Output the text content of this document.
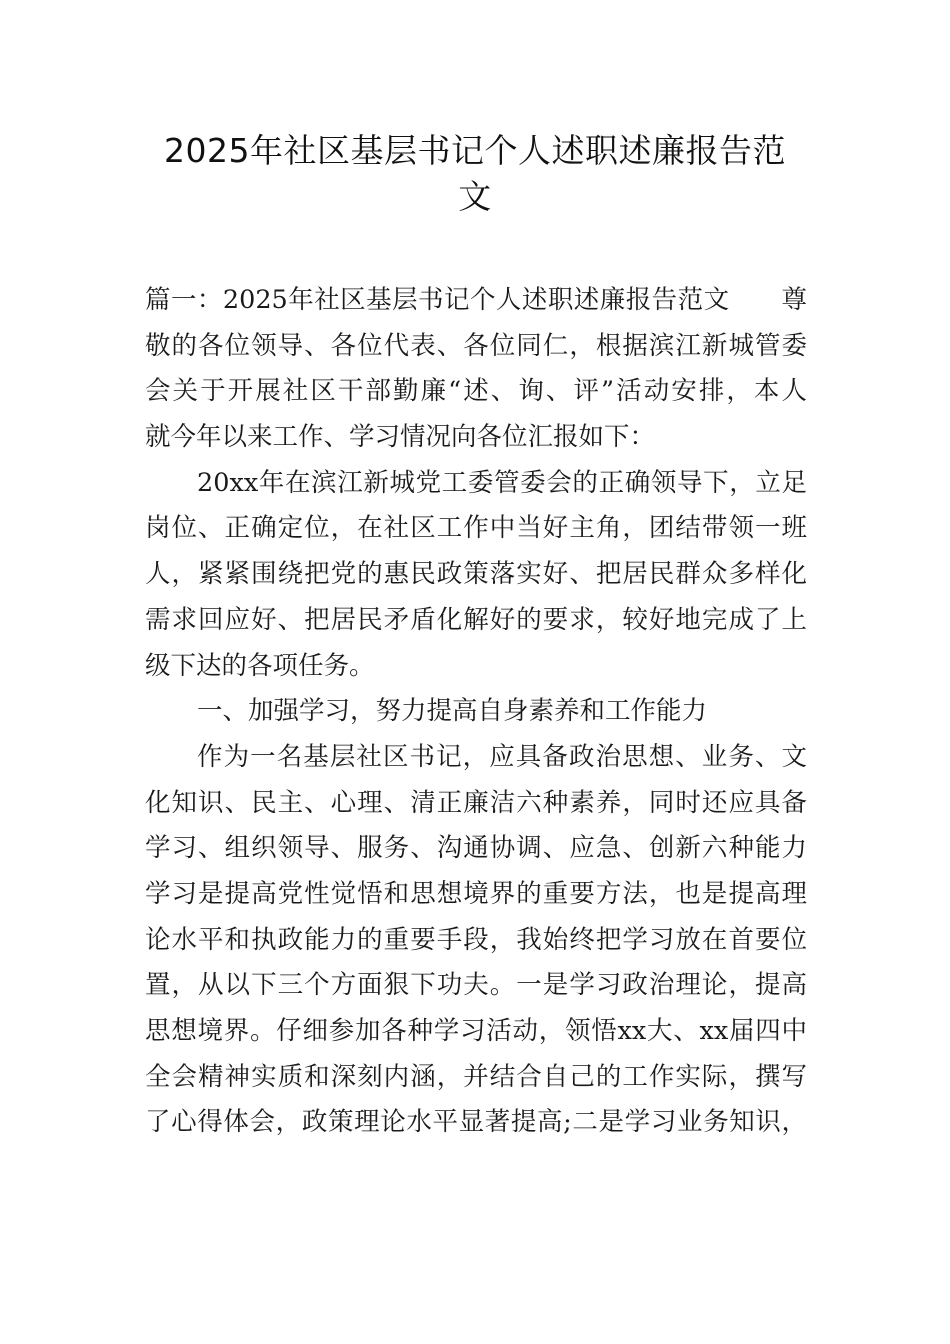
2025年社区基层书记个人述职述廉报告范
文
篇一：2025年社区基层书记个人述职述廉报告范文　　尊
敬的各位领导、各位代表、各位同仁，根据滨江新城管委
会关于开展社区干部勤廉“述、询、评”活动安排，本人
就今年以来工作、学习情况向各位汇报如下：
20xx年在滨江新城党工委管委会的正确领导下，立足
岗位、正确定位，在社区工作中当好主角，团结带领一班
人，紧紧围绕把党的惠民政策落实好、把居民群众多样化
需求回应好、把居民矛盾化解好的要求，较好地完成了上
级下达的各项任务。
一、加强学习，努力提高自身素养和工作能力
作为一名基层社区书记，应具备政治思想、业务、文
化知识、民主、心理、清正廉洁六种素养，同时还应具备
学习、组织领导、服务、沟通协调、应急、创新六种能力
学习是提高党性觉悟和思想境界的重要方法，也是提高理
论水平和执政能力的重要手段，我始终把学习放在首要位
置，从以下三个方面狠下功夫。一是学习政治理论，提高
思想境界。仔细参加各种学习活动，领悟xx大、xx届四中
全会精神实质和深刻内涵，并结合自己的工作实际，撰写
了心得体会，政策理论水平显著提高;二是学习业务知识，
